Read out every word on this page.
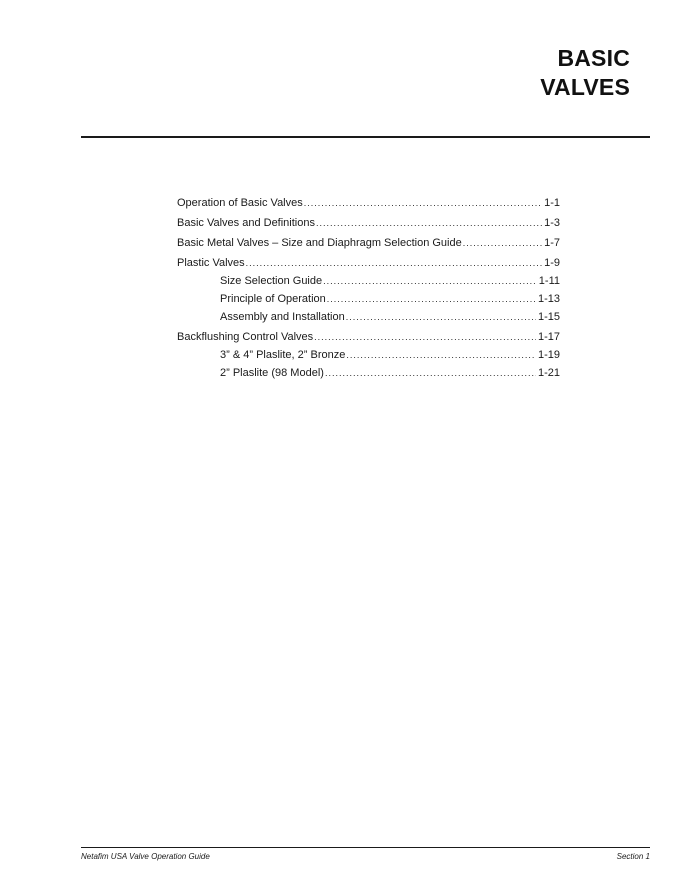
BASIC
VALVES
Operation of Basic Valves .....	1-1
Basic Valves and Definitions .....	1-3
Basic Metal Valves – Size and Diaphragm Selection Guide .....	1-7
Plastic Valves .....	1-9
Size Selection Guide .....	1-11
Principle of Operation .....	1-13
Assembly and Installation .....	1-15
Backflushing Control Valves .....	1-17
3” & 4” Plaslite, 2” Bronze .....	1-19
2” Plaslite (98 Model) .....	1-21
Netafim USA Valve Operation Guide	Section 1
